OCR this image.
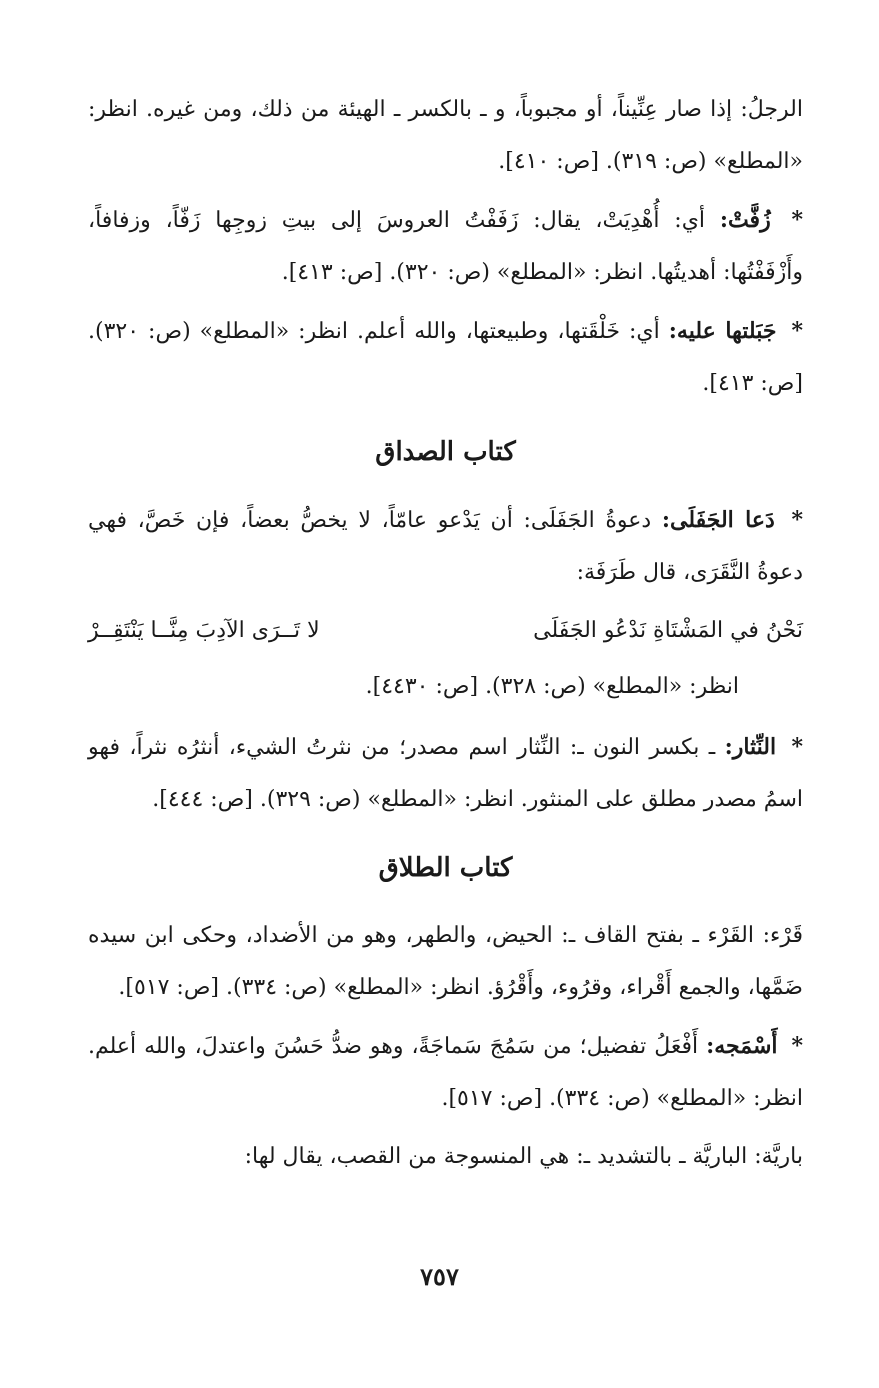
الرجلُ: إذا صار عِنِّيناً، أو مجبوباً، و ـ بالكسر ـ الهيئة من ذلك، ومن غيره. انظر: «المطلع» (ص: ٣١٩). [ص: ٤١٠].

* زُفَّتْ: أي: أُهْدِيَتْ، يقال: زَفَفْتُ العروسَ إلى بيتِ زوجِها زَفّاً، وزفافاً، وأَزْفَفْتُها: أهديتُها. انظر: «المطلع» (ص: ٣٢٠). [ص: ٤١٣].

* جَبَلتها عليه: أي: خَلْقَتها، وطبيعتها، والله أعلم. انظر: «المطلع» (ص: ٣٢٠). [ص: ٤١٣].

كتاب الصداق

* دَعا الجَفَلَى: دعوةُ الجَفَلَى: أن يَدْعو عامّاً، لا يخصُّ بعضاً، فإن خَصَّ، فهي دعوةُ النَّقَرَى، قال طَرَفَة:

نَحْنُ في المَشْتَاةِ نَدْعُو الجَفَلَى
لا تَــرَى الآدِبَ مِنَّــا يَنْتَقِــرْ

انظر: «المطلع» (ص: ٣٢٨). [ص: ٤٤٣٠].

* النِّثار: ـ بكسر النون ـ: النِّثار اسم مصدر؛ من نثرتُ الشيء، أنثرُه نثراً، فهو اسمُ مصدر مطلق على المنثور. انظر: «المطلع» (ص: ٣٢٩). [ص: ٤٤٤].

كتاب الطلاق

قَرْء: القَرْء ـ بفتح القاف ـ: الحيض، والطهر، وهو من الأضداد، وحكى ابن سيده ضَمَّها، والجمع أَقْراء، وقرُوء، وأَقْرُؤ. انظر: «المطلع» (ص: ٣٣٤). [ص: ٥١٧].

* أَسْمَجه: أَفْعَلُ تفضيل؛ من سَمُجَ سَماجَةً، وهو ضدُّ حَسُنَ واعتدلَ، والله أعلم. انظر: «المطلع» (ص: ٣٣٤). [ص: ٥١٧].

باريَّة: الباريَّة ـ بالتشديد ـ: هي المنسوجة من القصب، يقال لها:

٧٥٧
